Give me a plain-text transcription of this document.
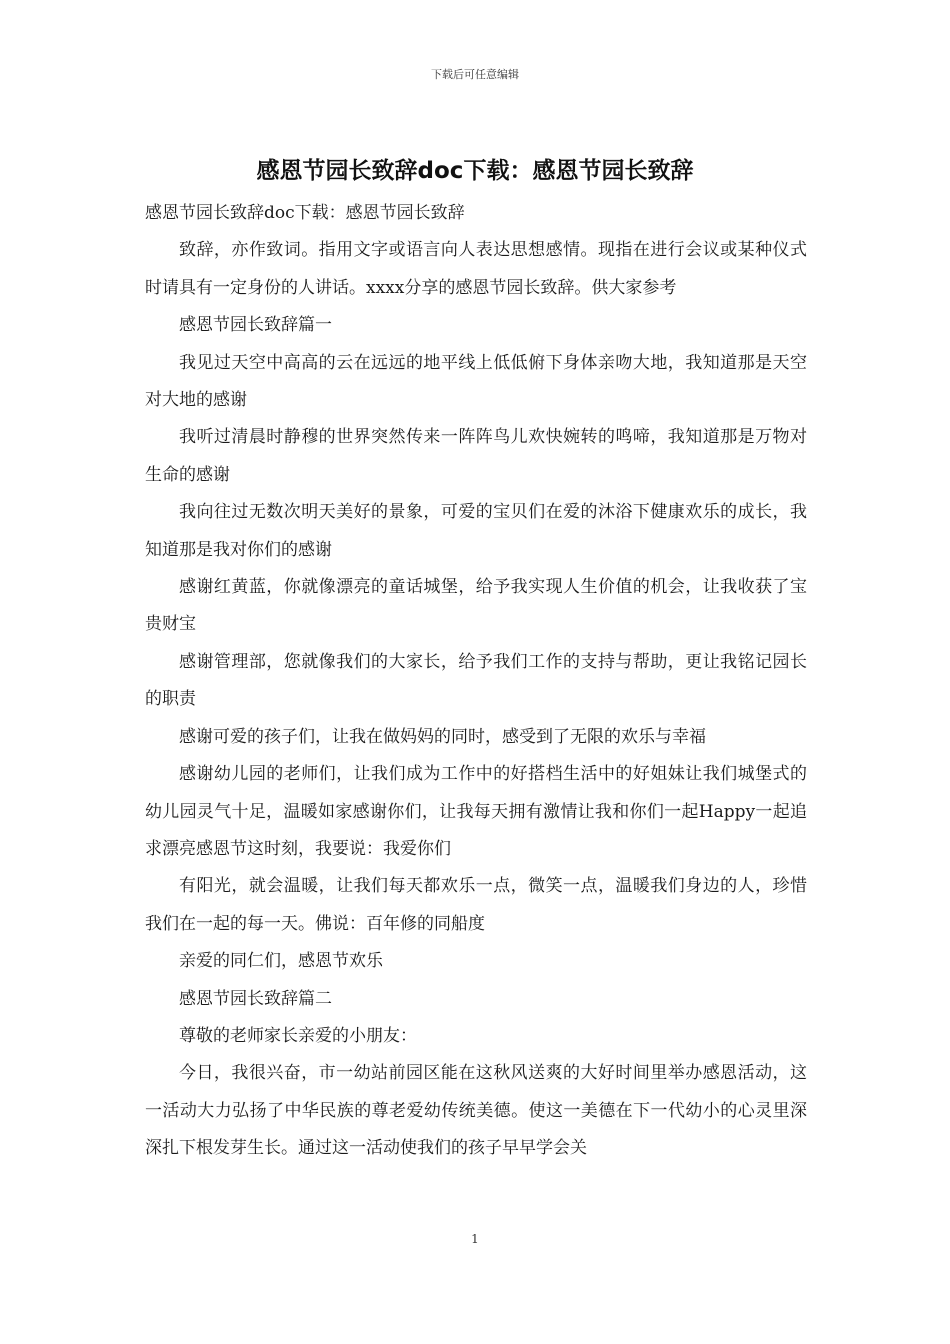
下载后可任意编辑
感恩节园长致辞doc下载：感恩节园长致辞

感恩节园长致辞doc下载：感恩节园长致辞

致辞，亦作致词。指用文字或语言向人表达思想感情。现指在进行会议或某种仪式时请具有一定身份的人讲话。xxxx分享的感恩节园长致辞。供大家参考

感恩节园长致辞篇一

我见过天空中高高的云在远远的地平线上低低俯下身体亲吻大地，我知道那是天空对大地的感谢

我听过清晨时静穆的世界突然传来一阵阵鸟儿欢快婉转的鸣啼，我知道那是万物对生命的感谢

我向往过无数次明天美好的景象，可爱的宝贝们在爱的沐浴下健康欢乐的成长，我知道那是我对你们的感谢

感谢红黄蓝，你就像漂亮的童话城堡，给予我实现人生价值的机会，让我收获了宝贵财宝

感谢管理部，您就像我们的大家长，给予我们工作的支持与帮助，更让我铭记园长的职责

感谢可爱的孩子们，让我在做妈妈的同时，感受到了无限的欢乐与幸福

感谢幼儿园的老师们，让我们成为工作中的好搭档生活中的好姐妹让我们城堡式的幼儿园灵气十足，温暖如家感谢你们，让我每天拥有激情让我和你们一起Happy一起追求漂亮感恩节这时刻，我要说：我爱你们

有阳光，就会温暖，让我们每天都欢乐一点，微笑一点，温暖我们身边的人，珍惜我们在一起的每一天。佛说：百年修的同船度

亲爱的同仁们，感恩节欢乐

感恩节园长致辞篇二

尊敬的老师家长亲爱的小朋友：

今日，我很兴奋，市一幼站前园区能在这秋风送爽的大好时间里举办感恩活动，这一活动大力弘扬了中华民族的尊老爱幼传统美德。使这一美德在下一代幼小的心灵里深深扎下根发芽生长。通过这一活动使我们的孩子早早学会关

1
